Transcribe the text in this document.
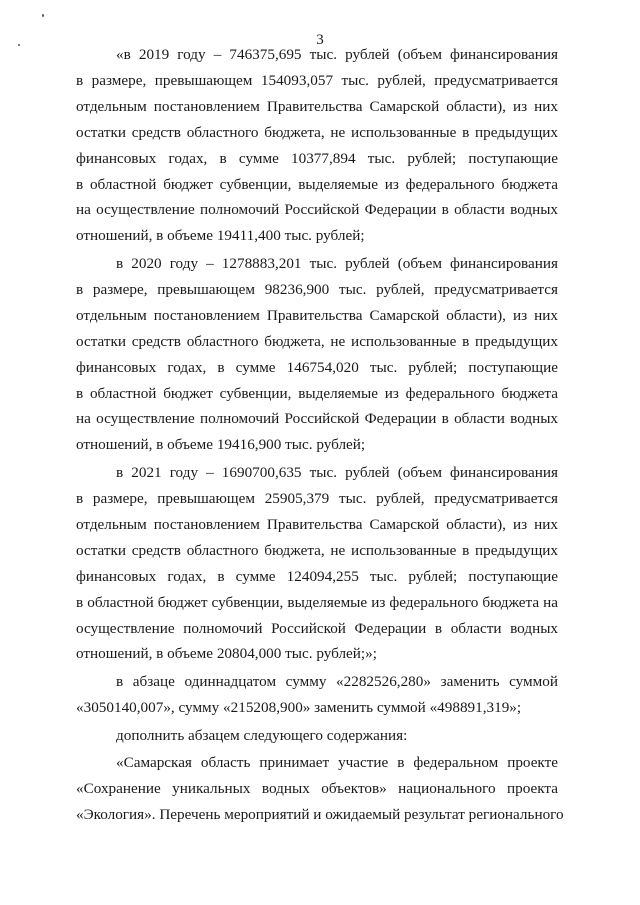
3
«в 2019 году – 746375,695 тыс. рублей (объем финансирования
в размере, превышающем 154093,057 тыс. рублей, предусматривается
отдельным постановлением Правительства Самарской области), из них
остатки средств областного бюджета, не использованные в предыдущих
финансовых годах, в сумме 10377,894 тыс. рублей; поступающие
в областной бюджет субвенции, выделяемые из федерального бюджета
на осуществление полномочий Российской Федерации в области водных
отношений, в объеме 19411,400 тыс. рублей;
в 2020 году – 1278883,201 тыс. рублей (объем финансирования
в размере, превышающем 98236,900 тыс. рублей, предусматривается
отдельным постановлением Правительства Самарской области), из них
остатки средств областного бюджета, не использованные в предыдущих
финансовых годах, в сумме 146754,020 тыс. рублей; поступающие
в областной бюджет субвенции, выделяемые из федерального бюджета
на осуществление полномочий Российской Федерации в области водных
отношений, в объеме 19416,900 тыс. рублей;
в 2021 году – 1690700,635 тыс. рублей (объем финансирования
в размере, превышающем 25905,379 тыс. рублей, предусматривается
отдельным постановлением Правительства Самарской области), из них
остатки средств областного бюджета, не использованные в предыдущих
финансовых годах, в сумме 124094,255 тыс. рублей; поступающие
в областной бюджет субвенции, выделяемые из федерального бюджета на
осуществление полномочий Российской Федерации в области водных
отношений, в объеме 20804,000 тыс. рублей;»;
в абзаце одиннадцатом сумму «2282526,280» заменить суммой
«3050140,007», сумму «215208,900» заменить суммой «498891,319»;
дополнить абзацем следующего содержания:
«Самарская область принимает участие в федеральном проекте
«Сохранение уникальных водных объектов» национального проекта
«Экология». Перечень мероприятий и ожидаемый результат регионального
